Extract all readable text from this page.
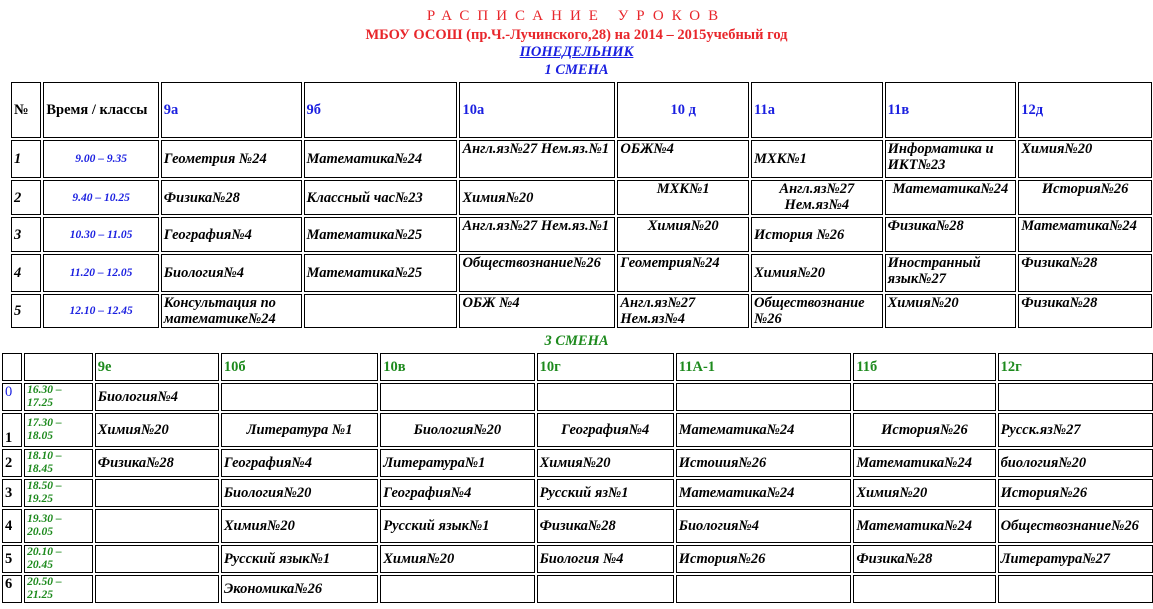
РАСПИСАНИЕ УРОКОВ
МБОУ ОСОШ (пр.Ч.-Лучинского,28) на 2014 – 2015учебный год
ПОНЕДЕЛЬНИК
1 СМЕНА
№	Время / классы	9а	9б	10а	10 д	11а	11в	12д
1	9.00 – 9.35	Геометрия №24	Математика№24	Англ.яз№27 Нем.яз.№1	ОБЖ№4	МХК№1	Информатика и ИКТ№23	Химия№20
2	9.40 – 10.25	Физика№28	Классный час№23	Химия№20	МХК№1	Англ.яз№27 Нем.яз№4	Математика№24	История№26
3	10.30 – 11.05	География№4	Математика№25	Англ.яз№27 Нем.яз.№1	Химия№20	История №26	Физика№28	Математика№24
4	11.20 – 12.05	Биология№4	Математика№25	Обществознание№26	Геометрия№24	Химия№20	Иностранный язык№27	Физика№28
5	12.10 – 12.45	Консультация по математике№24		ОБЖ №4	Англ.яз№27 Нем.яз№4	Обществознание №26	Химия№20	Физика№28
3 СМЕНА
		9е	10б	10в	10г	11А-1	11б	12г
0	16.30 – 17.25	Биология№4						
1	17.30 – 18.05	Химия№20	Литература №1	Биология№20	География№4	Математика№24	История№26	Русск.яз№27
2	18.10 – 18.45	Физика№28	География№4	Литература№1	Химия№20	Истоиия№26	Математика№24	биология№20
3	18.50 – 19.25		Биология№20	География№4	Русский яз№1	Математика№24	Химия№20	История№26
4	19.30 – 20.05		Химия№20	Русский язык№1	Физика№28	Биология№4	Математика№24	Обществознание№26
5	20.10 – 20.45		Русский язык№1	Химия№20	Биология №4	История№26	Физика№28	Литература№27
6	20.50 – 21.25		Экономика№26					
